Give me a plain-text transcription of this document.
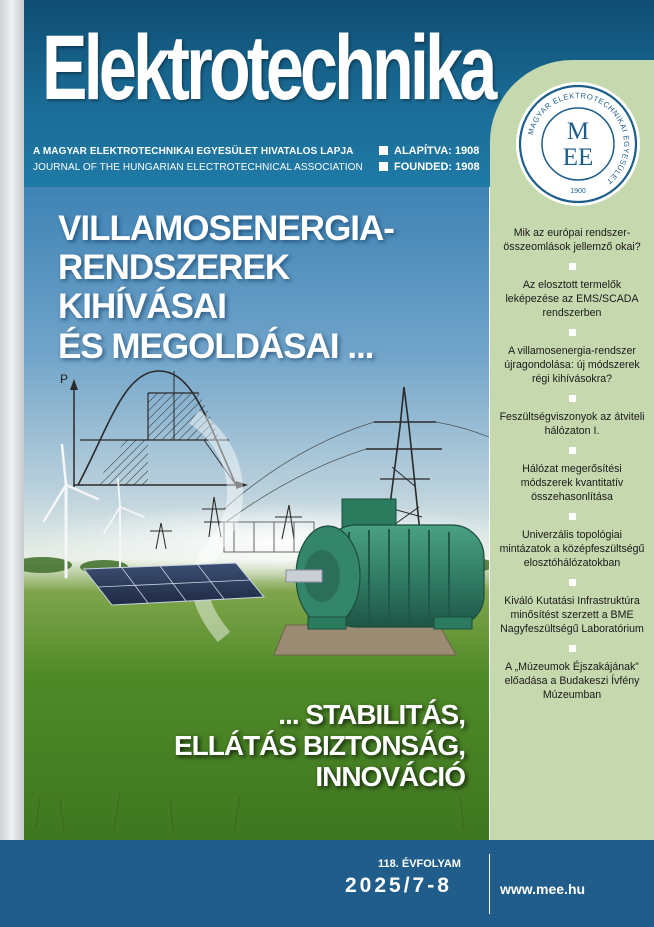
Elektrotechnika
A MAGYAR ELEKTROTECHNIKAI EGYESÜLET HIVATALOS LAPJA
JOURNAL OF THE HUNGARIAN ELECTROTECHNICAL ASSOCIATION
ALAPÍTVA: 1908
FOUNDED: 1908
P
VILLAMOSENERGIA-
RENDSZEREK
KIHÍVÁSAI
ÉS MEGOLDÁSAI ...
... STABILITÁS,
ELLÁTÁS BIZTONSÁG,
INNOVÁCIÓ
MAGYAR ELEKTROTECHNIKAI EGYESÜLET
M
EE
1900
Mik az európai rendszer-összeomlások jellemző okai?
Az elosztott termelők leképezése az EMS/SCADA rendszerben
A villamosenergia-rendszer újragondolása: új módszerek régi kihívásokra?
Feszültségviszonyok az átviteli hálózaton I.
Hálózat megerősítési módszerek kvantitatív összehasonlítása
Univerzális topológiai mintázatok a középfeszültségű elosztóhálózatokban
Kiváló Kutatási Infrastruktúra minősítést szerzett a BME Nagyfeszültségű Laboratórium
A „Múzeumok Éjszakájának” előadása a Budakeszi Ívfény Múzeumban
118. ÉVFOLYAM
2025/7-8	www.mee.hu
